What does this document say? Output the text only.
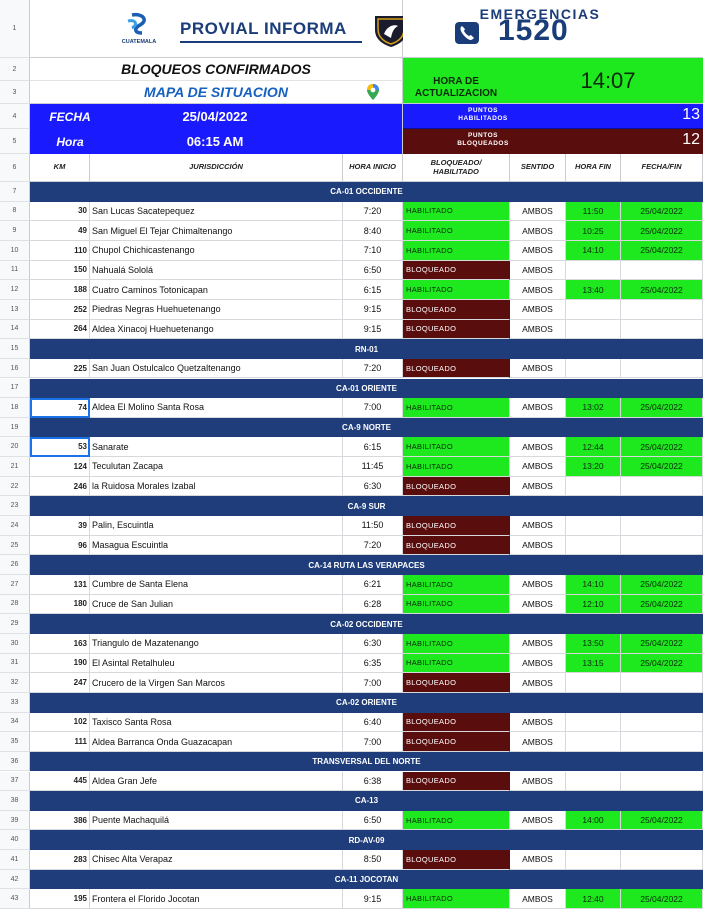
1
CUATEMALA
PROVIAL INFORMA
EMERGENCIAS
1520
2
3
BLOQUEOS CONFIRMADOS
MAPA DE SITUACION
HORA DE ACTUALIZACION
14:07
4
5
FECHA	25/04/2022
Hora	06:15 AM
PUNTOS HABILITADOS	13
PUNTOS BLOQUEADOS	12
6	KM	JURISDICCIÓN	HORA INICIO	BLOQUEADO/ HABILITADO	SENTIDO	HORA FIN	FECHA/FIN
7	CA-01 OCCIDENTE
8	30 San Lucas Sacatepequez	7:20	HABILITADO	AMBOS	11:50	25/04/2022
9	49 San Miguel El Tejar Chimaltenango	8:40	HABILITADO	AMBOS	10:25	25/04/2022
10	110 Chupol Chichicastenango	7:10	HABILITADO	AMBOS	14:10	25/04/2022
11	150 Nahualá Sololá	6:50	BLOQUEADO	AMBOS
12	188 Cuatro Caminos Totonicapan	6:15	HABILITADO	AMBOS	13:40	25/04/2022
13	252 Piedras Negras Huehuetenango	9:15	BLOQUEADO	AMBOS
14	264 Aldea Xinacoj Huehuetenango	9:15	BLOQUEADO	AMBOS
15	RN-01
16	225 San Juan Ostulcalco Quetzaltenango	7:20	BLOQUEADO	AMBOS
17	CA-01 ORIENTE
18	74 Aldea El Molino Santa Rosa	7:00	HABILITADO	AMBOS	13:02	25/04/2022
19	CA-9 NORTE
20	53 Sanarate	6:15	HABILITADO	AMBOS	12:44	25/04/2022
21	124 Teculutan Zacapa	11:45	HABILITADO	AMBOS	13:20	25/04/2022
22	246 la Ruidosa Morales Izabal	6:30	BLOQUEADO	AMBOS
23	CA-9 SUR
24	39 Palin, Escuintla	11:50	BLOQUEADO	AMBOS
25	96 Masagua Escuintla	7:20	BLOQUEADO	AMBOS
26	CA-14 RUTA LAS VERAPACES
27	131 Cumbre de Santa Elena	6:21	HABILITADO	AMBOS	14:10	25/04/2022
28	180 Cruce de San Julian	6:28	HABILITADO	AMBOS	12:10	25/04/2022
29	CA-02 OCCIDENTE
30	163 Triangulo de Mazatenango	6:30	HABILITADO	AMBOS	13:50	25/04/2022
31	190 El Asintal Retalhuleu	6:35	HABILITADO	AMBOS	13:15	25/04/2022
32	247 Crucero de la Virgen San Marcos	7:00	BLOQUEADO	AMBOS
33	CA-02 ORIENTE
34	102 Taxisco Santa Rosa	6:40	BLOQUEADO	AMBOS
35	111 Aldea Barranca Onda Guazacapan	7:00	BLOQUEADO	AMBOS
36	TRANSVERSAL DEL NORTE
37	445 Aldea Gran Jefe	6:38	BLOQUEADO	AMBOS
38	CA-13
39	386 Puente Machaquilá	6:50	HABILITADO	AMBOS	14:00	25/04/2022
40	RD-AV-09
41	283 Chisec Alta Verapaz	8:50	BLOQUEADO	AMBOS
42	CA-11 JOCOTAN
43	195 Frontera el Florido Jocotan	9:15	HABILITADO	AMBOS	12:40	25/04/2022
